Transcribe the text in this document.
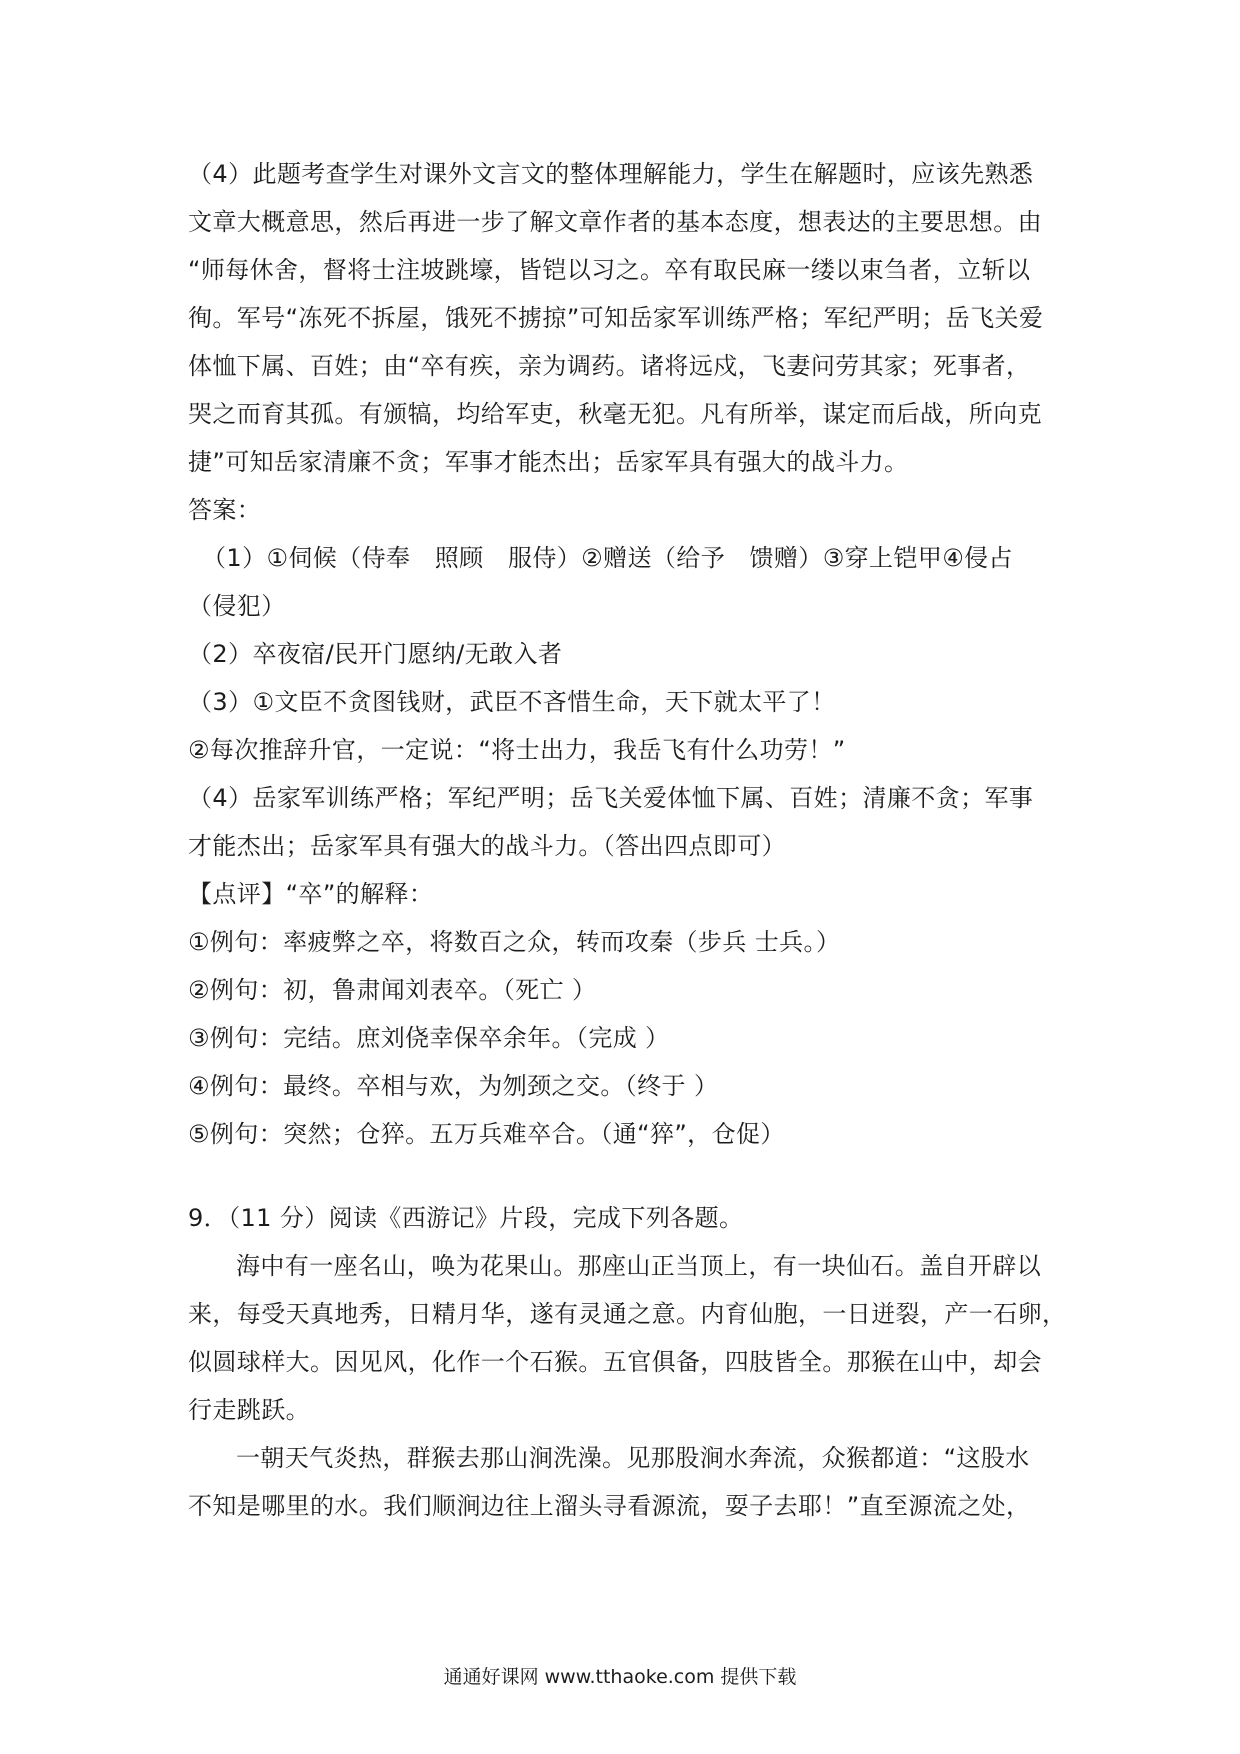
（4）此题考查学生对课外文言文的整体理解能力，学生在解题时，应该先熟悉
文章大概意思，然后再进一步了解文章作者的基本态度，想表达的主要思想。由
“师每休舍，督将士注坡跳壕，皆铠以习之。卒有取民麻一缕以束刍者，立斩以
徇。军号“冻死不拆屋，饿死不掳掠”可知岳家军训练严格；军纪严明；岳飞关爱
体恤下属、百姓；由“卒有疾，亲为调药。诸将远戍，飞妻问劳其家；死事者，
哭之而育其孤。有颁犒，均给军吏，秋毫无犯。凡有所举，谋定而后战，所向克
捷”可知岳家清廉不贪；军事才能杰出；岳家军具有强大的战斗力。
答案：
（1）①伺候（侍奉　照顾　服侍）②赠送（给予　馈赠）③穿上铠甲④侵占
（侵犯）
（2）卒夜宿/民开门愿纳/无敢入者
（3）①文臣不贪图钱财，武臣不吝惜生命，天下就太平了！
②每次推辞升官，一定说：“将士出力，我岳飞有什么功劳！”
（4）岳家军训练严格；军纪严明；岳飞关爱体恤下属、百姓；清廉不贪；军事
才能杰出；岳家军具有强大的战斗力。（答出四点即可）
【点评】“卒”的解释：
①例句：率疲弊之卒，将数百之众，转而攻秦（步兵 士兵。）
②例句：初，鲁肃闻刘表卒。（死亡 ）
③例句：完结。庶刘侥幸保卒余年。（完成 ）
④例句：最终。卒相与欢，为刎颈之交。（终于 ）
⑤例句：突然；仓猝。五万兵难卒合。（通“猝”，仓促）
9．（11 分）阅读《西游记》片段，完成下列各题。
海中有一座名山，唤为花果山。那座山正当顶上，有一块仙石。盖自开辟以
来，每受天真地秀，日精月华，遂有灵通之意。内育仙胞，一日迸裂，产一石卵，
似圆球样大。因见风，化作一个石猴。五官俱备，四肢皆全。那猴在山中，却会
行走跳跃。
一朝天气炎热，群猴去那山涧洗澡。见那股涧水奔流，众猴都道：“这股水
不知是哪里的水。我们顺涧边往上溜头寻看源流，耍子去耶！”直至源流之处，
通通好课网 www.tthaoke.com 提供下载
